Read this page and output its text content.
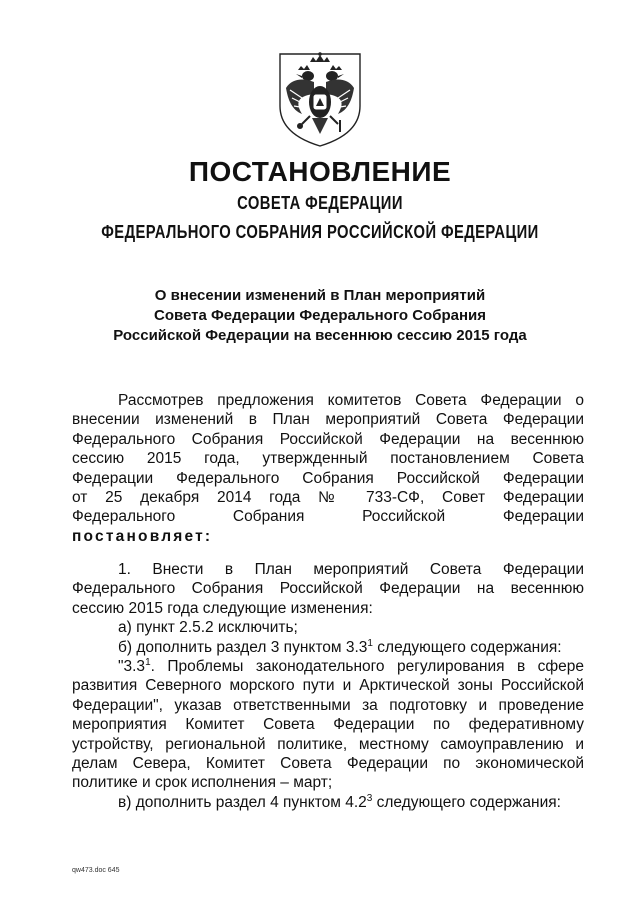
ПОСТАНОВЛЕНИЕ
СОВЕТА ФЕДЕРАЦИИ
ФЕДЕРАЛЬНОГО СОБРАНИЯ РОССИЙСКОЙ ФЕДЕРАЦИИ
О внесении изменений в План мероприятий
Совета Федерации Федерального Собрания
Российской Федерации на весеннюю сессию 2015 года
Рассмотрев предложения комитетов Совета Федерации о
внесении изменений в План мероприятий Совета Федерации
Федерального Собрания Российской Федерации на весеннюю
сессию 2015 года, утвержденный постановлением Совета
Федерации Федерального Собрания Российской Федерации
от 25 декабря 2014 года № 733-СФ, Совет Федерации
Федерального Собрания Российской Федерации
постановляет:
1. Внести в План мероприятий Совета Федерации
Федерального Собрания Российской Федерации на весеннюю
сессию 2015 года следующие изменения:
а) пункт 2.5.2 исключить;
б) дополнить раздел 3 пунктом $3.3^1$ следующего содержания:
"$3.3^1$. Проблемы законодательного регулирования в сфере
развития Северного морского пути и Арктической зоны Российской
Федерации", указав ответственными за подготовку и проведение
мероприятия Комитет Совета Федерации по федеративному
устройству, региональной политике, местному самоуправлению и
делам Севера, Комитет Совета Федерации по экономической
политике и срок исполнения – март;
в) дополнить раздел 4 пунктом $4.2^3$ следующего содержания:
qw473.doc 645
